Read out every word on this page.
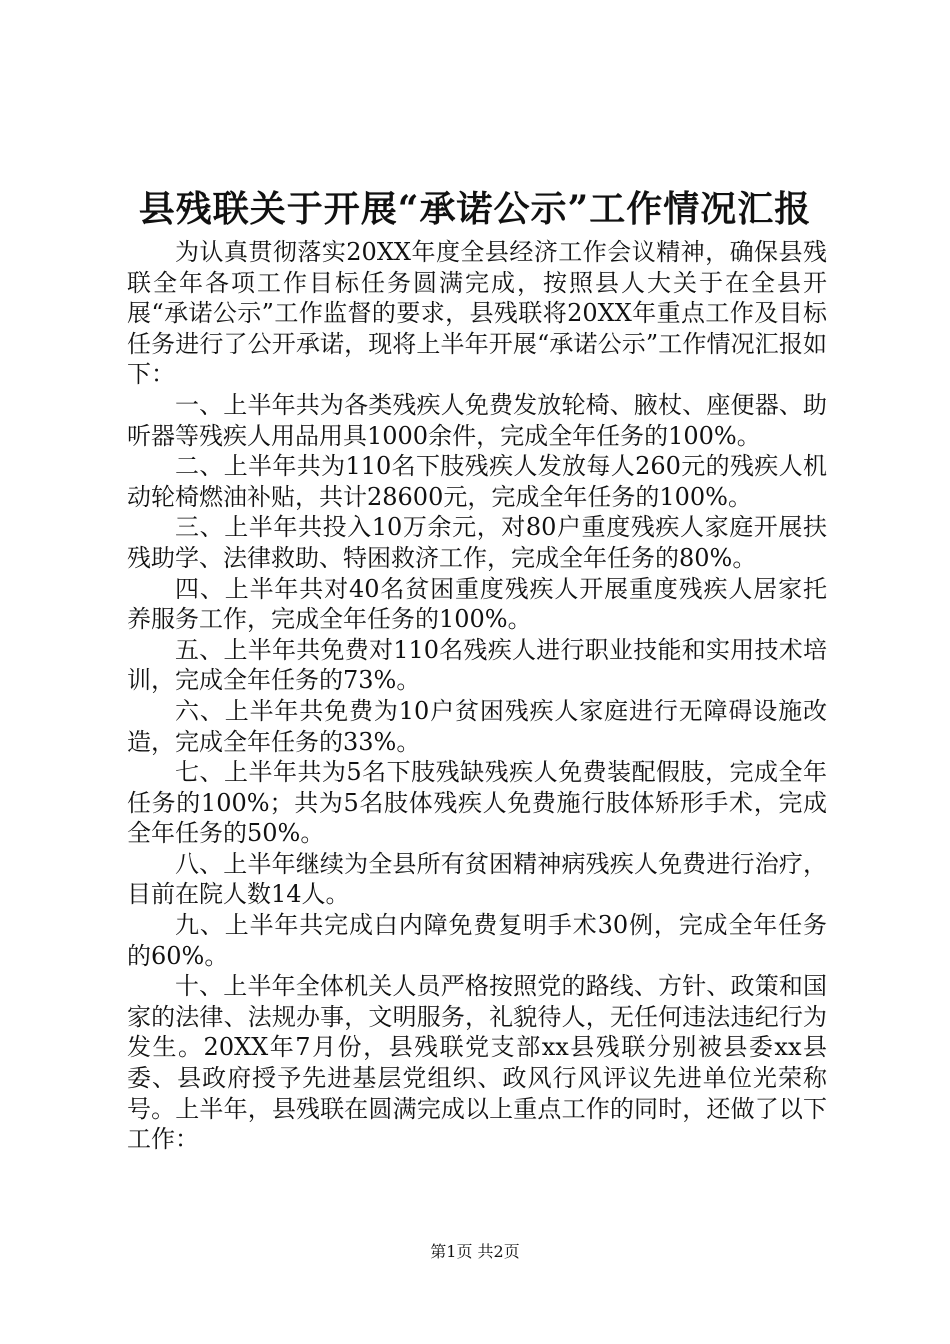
县残联关于开展“承诺公示”工作情况汇报

为认真贯彻落实20XX年度全县经济工作会议精神，确保县残联全年各项工作目标任务圆满完成，按照县人大关于在全县开展“承诺公示”工作监督的要求，县残联将20XX年重点工作及目标任务进行了公开承诺，现将上半年开展“承诺公示”工作情况汇报如下：

一、上半年共为各类残疾人免费发放轮椅、腋杖、座便器、助听器等残疾人用品用具1000余件，完成全年任务的100%。

二、上半年共为110名下肢残疾人发放每人260元的残疾人机动轮椅燃油补贴，共计28600元，完成全年任务的100%。

三、上半年共投入10万余元，对80户重度残疾人家庭开展扶残助学、法律救助、特困救济工作，完成全年任务的80%。

四、上半年共对40名贫困重度残疾人开展重度残疾人居家托养服务工作，完成全年任务的100%。

五、上半年共免费对110名残疾人进行职业技能和实用技术培训，完成全年任务的73%。

六、上半年共免费为10户贫困残疾人家庭进行无障碍设施改造，完成全年任务的33%。

七、上半年共为5名下肢残缺残疾人免费装配假肢，完成全年任务的100%；共为5名肢体残疾人免费施行肢体矫形手术，完成全年任务的50%。

八、上半年继续为全县所有贫困精神病残疾人免费进行治疗，目前在院人数14人。

九、上半年共完成白内障免费复明手术30例，完成全年任务的60%。

十、上半年全体机关人员严格按照党的路线、方针、政策和国家的法律、法规办事，文明服务，礼貌待人，无任何违法违纪行为发生。20XX年7月份，县残联党支部xx县残联分别被县委xx县委、县政府授予先进基层党组织、政风行风评议先进单位光荣称号。上半年，县残联在圆满完成以上重点工作的同时，还做了以下工作：

第1页 共2页
